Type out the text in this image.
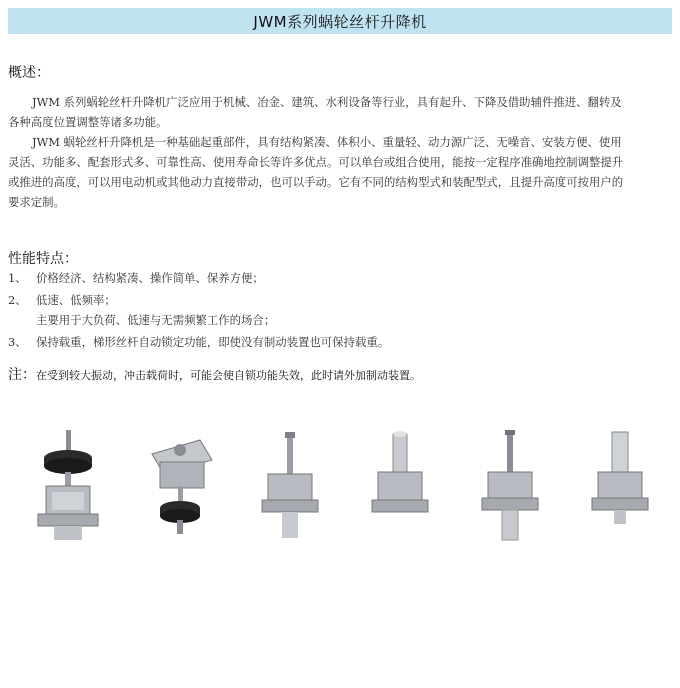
JWM系列蜗轮丝杆升降机
概述：
JWM 系列蜗轮丝杆升降机广泛应用于机械、冶金、建筑、水利设备等行业，具有起升、下降及借助辅件推进、翻转及
各种高度位置调整等诸多功能。
JWM 蜗轮丝杆升降机是一种基础起重部件，具有结构紧凑、体积小、重量轻、动力源广泛、无噪音、安装方便、使用
灵活、功能多、配套形式多、可靠性高、使用寿命长等许多优点。可以单台或组合使用，能按一定程序准确地控制调整提升
或推进的高度，可以用电动机或其他动力直接带动，也可以手动。它有不同的结构型式和装配型式，且提升高度可按用户的
要求定制。
性能特点：
1、 价格经济、结构紧凑、操作简单、保养方便；
2、 低速、低频率；
主要用于大负荷、低速与无需频繁工作的场合；
3、 保持载重，梯形丝杆自动锁定功能，即使没有制动装置也可保持载重。
注：在受到较大振动，冲击载荷时，可能会使自锁功能失效，此时请外加制动装置。
